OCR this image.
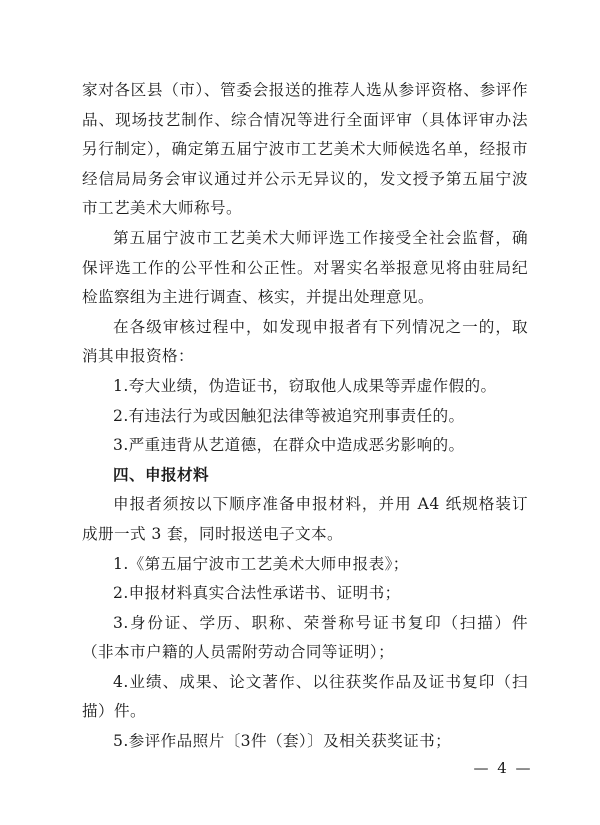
家对各区县（市）、管委会报送的推荐人选从参评资格、参评作品、现场技艺制作、综合情况等进行全面评审（具体评审办法另行制定），确定第五届宁波市工艺美术大师候选名单，经报市经信局局务会审议通过并公示无异议的，发文授予第五届宁波市工艺美术大师称号。

第五届宁波市工艺美术大师评选工作接受全社会监督，确保评选工作的公平性和公正性。对署实名举报意见将由驻局纪检监察组为主进行调查、核实，并提出处理意见。

在各级审核过程中，如发现申报者有下列情况之一的，取消其申报资格：

1.夸大业绩，伪造证书，窃取他人成果等弄虚作假的。

2.有违法行为或因触犯法律等被追究刑事责任的。

3.严重违背从艺道德，在群众中造成恶劣影响的。

四、申报材料

申报者须按以下顺序准备申报材料，并用 A4 纸规格装订成册一式 3 套，同时报送电子文本。

1.《第五届宁波市工艺美术大师申报表》；

2.申报材料真实合法性承诺书、证明书；

3.身份证、学历、职称、荣誉称号证书复印（扫描）件（非本市户籍的人员需附劳动合同等证明）；

4.业绩、成果、论文著作、以往获奖作品及证书复印（扫描）件。

5.参评作品照片〔3件（套）〕及相关获奖证书；

— 4 —
